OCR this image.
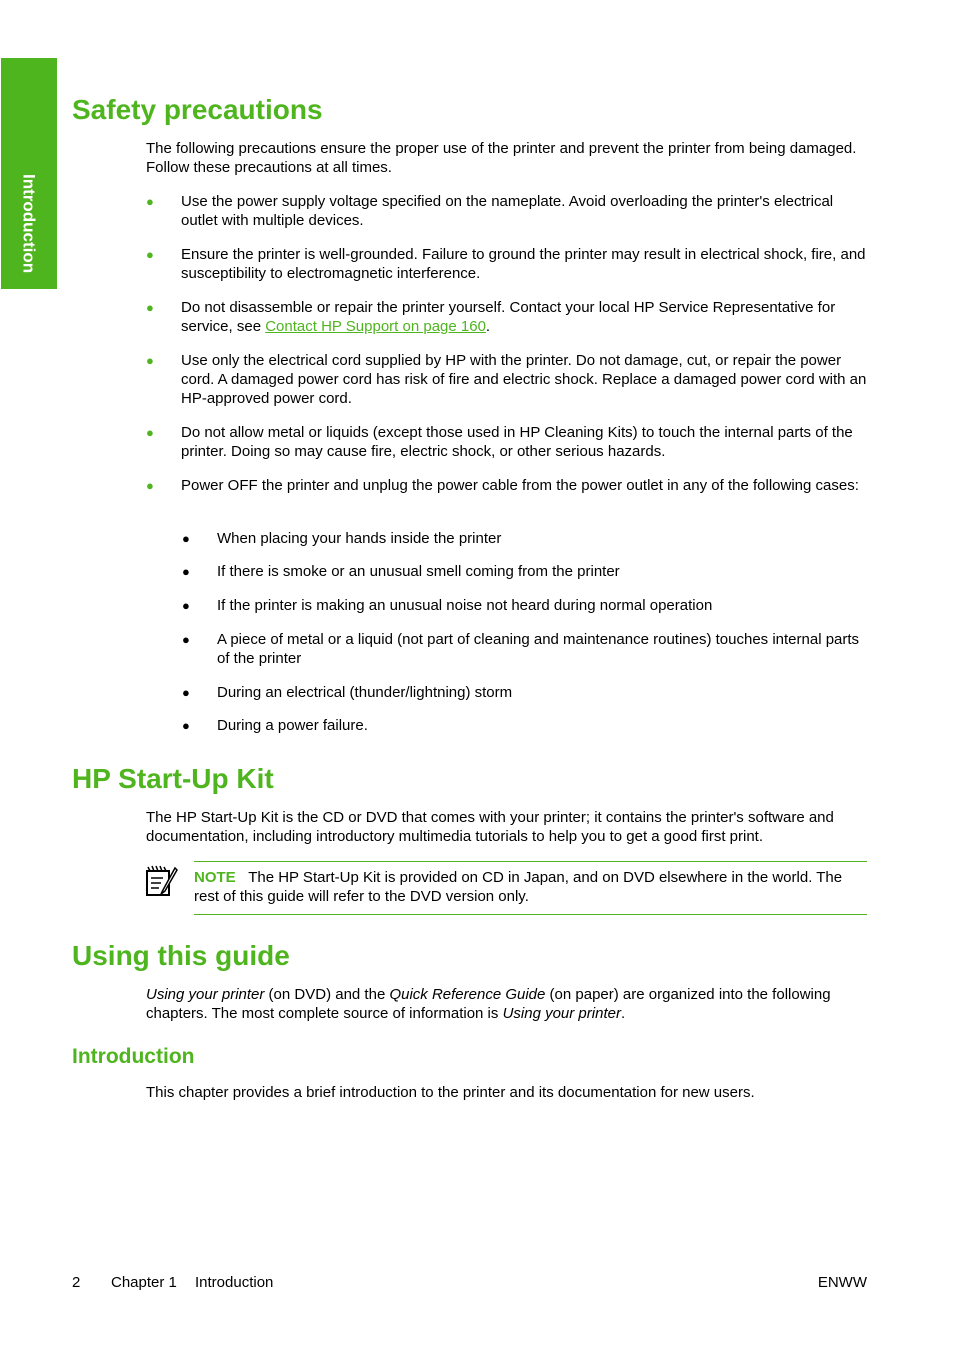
Introduction
Safety precautions

The following precautions ensure the proper use of the printer and prevent the printer from being damaged. Follow these precautions at all times.

● Use the power supply voltage specified on the nameplate. Avoid overloading the printer's electrical outlet with multiple devices.
● Ensure the printer is well-grounded. Failure to ground the printer may result in electrical shock, fire, and susceptibility to electromagnetic interference.
● Do not disassemble or repair the printer yourself. Contact your local HP Service Representative for service, see Contact HP Support on page 160.
● Use only the electrical cord supplied by HP with the printer. Do not damage, cut, or repair the power cord. A damaged power cord has risk of fire and electric shock. Replace a damaged power cord with an HP-approved power cord.
● Do not allow metal or liquids (except those used in HP Cleaning Kits) to touch the internal parts of the printer. Doing so may cause fire, electric shock, or other serious hazards.
● Power OFF the printer and unplug the power cable from the power outlet in any of the following cases:
● When placing your hands inside the printer
● If there is smoke or an unusual smell coming from the printer
● If the printer is making an unusual noise not heard during normal operation
● A piece of metal or a liquid (not part of cleaning and maintenance routines) touches internal parts of the printer
● During an electrical (thunder/lightning) storm
● During a power failure.
HP Start-Up Kit

The HP Start-Up Kit is the CD or DVD that comes with your printer; it contains the printer's software and documentation, including introductory multimedia tutorials to help you to get a good first print.

NOTE The HP Start-Up Kit is provided on CD in Japan, and on DVD elsewhere in the world. The rest of this guide will refer to the DVD version only.
Using this guide

Using your printer (on DVD) and the Quick Reference Guide (on paper) are organized into the following chapters. The most complete source of information is Using your printer.

Introduction

This chapter provides a brief introduction to the printer and its documentation for new users.

2 Chapter 1 Introduction	ENWW
